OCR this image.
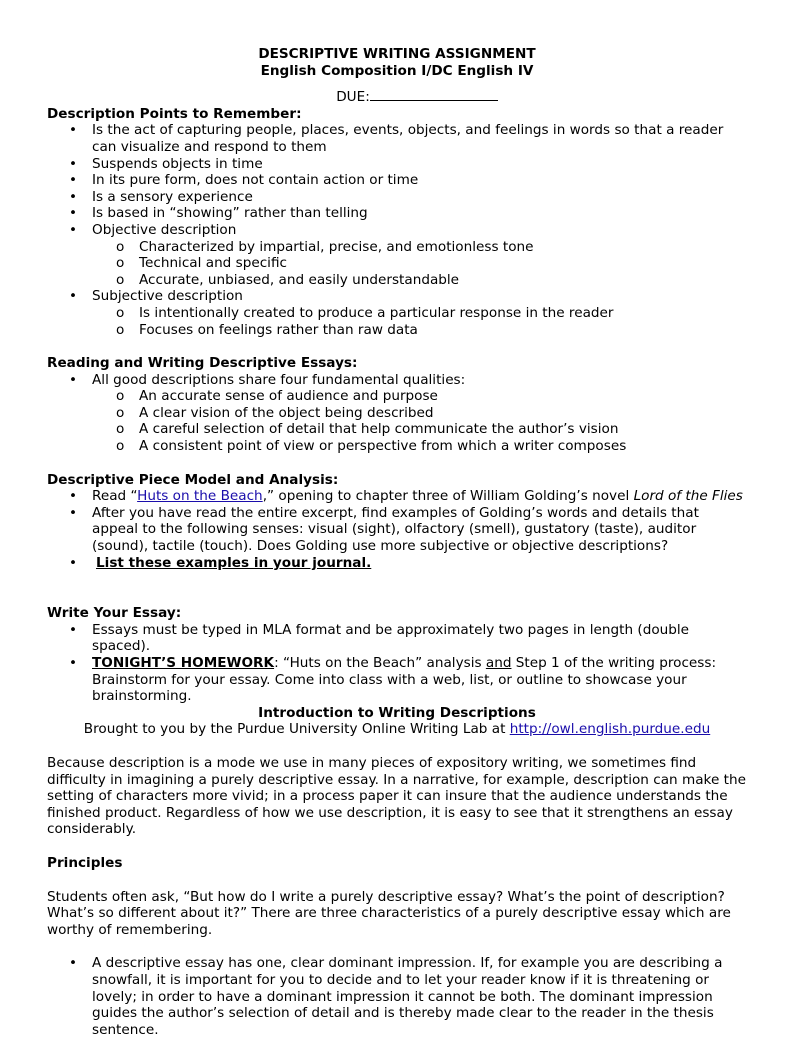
DESCRIPTIVE WRITING ASSIGNMENT
English Composition I/DC English IV
DUE:
Description Points to Remember:
• Is the act of capturing people, places, events, objects, and feelings in words so that a reader can visualize and respond to them
• Suspends objects in time
• In its pure form, does not contain action or time
• Is a sensory experience
• Is based in “showing” rather than telling
• Objective description
o Characterized by impartial, precise, and emotionless tone
o Technical and specific
o Accurate, unbiased, and easily understandable
• Subjective description
o Is intentionally created to produce a particular response in the reader
o Focuses on feelings rather than raw data
Reading and Writing Descriptive Essays:
• All good descriptions share four fundamental qualities:
o An accurate sense of audience and purpose
o A clear vision of the object being described
o A careful selection of detail that help communicate the author’s vision
o A consistent point of view or perspective from which a writer composes
Descriptive Piece Model and Analysis:
• Read “Huts on the Beach,” opening to chapter three of William Golding’s novel Lord of the Flies
• After you have read the entire excerpt, find examples of Golding’s words and details that appeal to the following senses: visual (sight), olfactory (smell), gustatory (taste), auditor (sound), tactile (touch). Does Golding use more subjective or objective descriptions?
• List these examples in your journal.
Write Your Essay:
• Essays must be typed in MLA format and be approximately two pages in length (double spaced).
• TONIGHT’S HOMEWORK: “Huts on the Beach” analysis and Step 1 of the writing process: Brainstorm for your essay. Come into class with a web, list, or outline to showcase your brainstorming.
Introduction to Writing Descriptions
Brought to you by the Purdue University Online Writing Lab at http://owl.english.purdue.edu

Because description is a mode we use in many pieces of expository writing, we sometimes find difficulty in imagining a purely descriptive essay. In a narrative, for example, description can make the setting of characters more vivid; in a process paper it can insure that the audience understands the finished product. Regardless of how we use description, it is easy to see that it strengthens an essay considerably.

Principles

Students often ask, “But how do I write a purely descriptive essay? What’s the point of description? What’s so different about it?” There are three characteristics of a purely descriptive essay which are worthy of remembering.

• A descriptive essay has one, clear dominant impression. If, for example you are describing a snowfall, it is important for you to decide and to let your reader know if it is threatening or lovely; in order to have a dominant impression it cannot be both. The dominant impression guides the author’s selection of detail and is thereby made clear to the reader in the thesis sentence.
